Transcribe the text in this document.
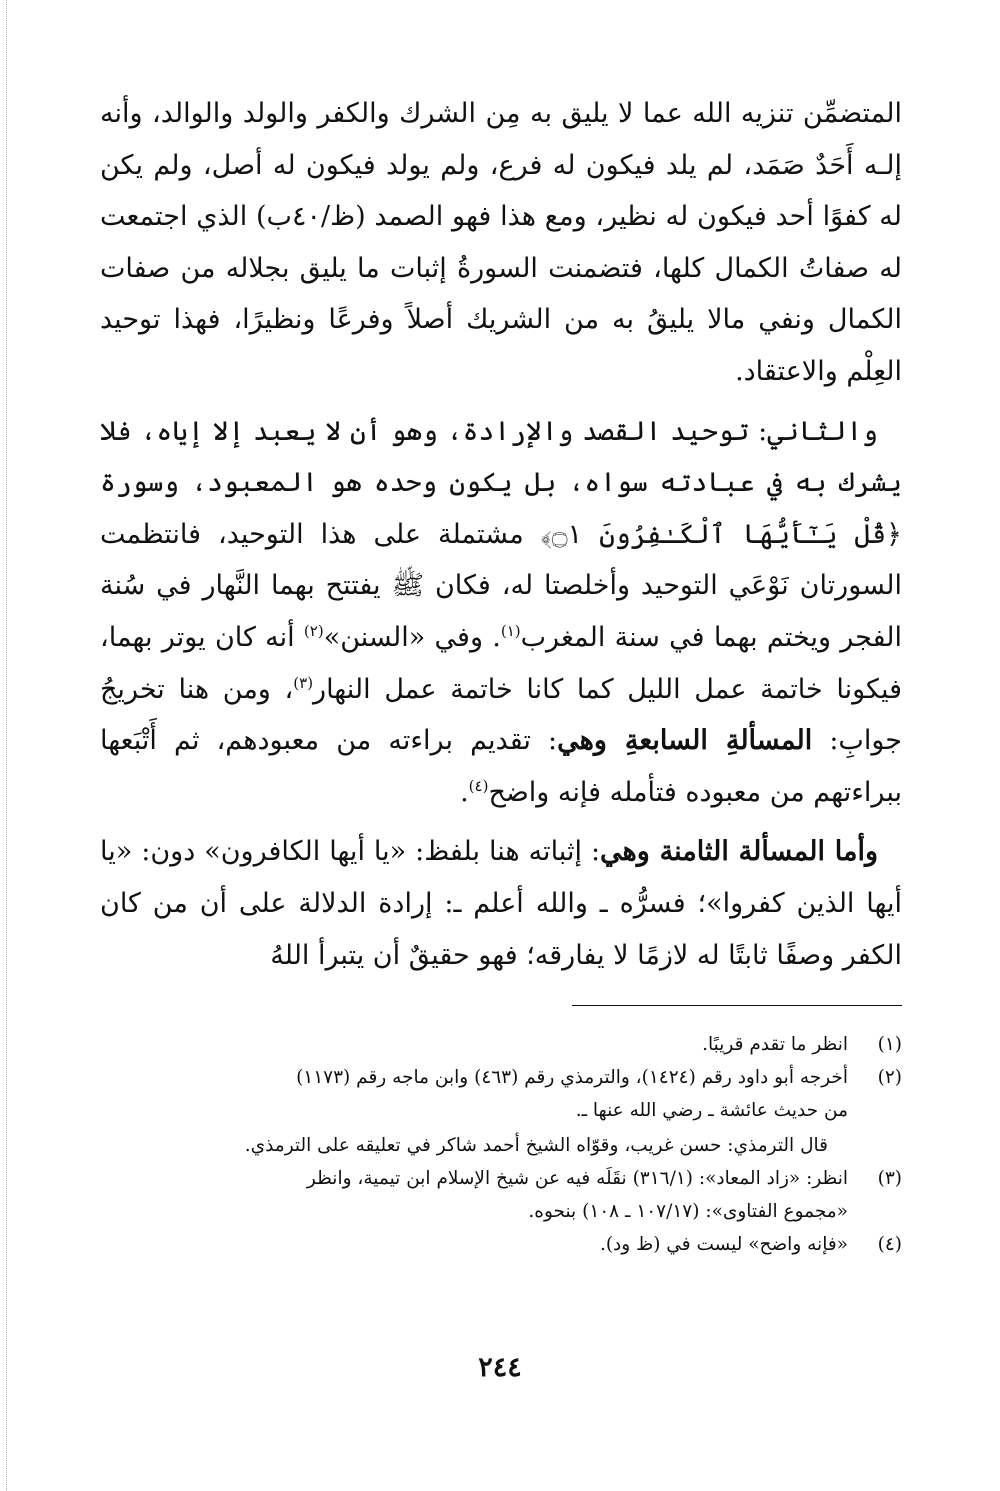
المتضمِّن تنزيه الله عما لا يليق به مِن الشرك والكفر والولد والوالد، وأنه إلـه أَحَدٌ صَمَد، لم يلد فيكون له فرع، ولم يولد فيكون له أصل، ولم يكن له كفوًا أحد فيكون له نظير، ومع هذا فهو الصمد (ظ/٤٠ب) الذي اجتمعت له صفاتُ الكمال كلها، فتضمنت السورةُ إثبات ما يليق بجلاله من صفات الكمال ونفي مالا يليقُ به من الشريك أصلاً وفرعًا ونظيرًا، فهذا توحيد العِلْم والاعتقاد.

والثاني: توحيد القصد والإرادة، وهو أن لا يعبد إلا إياه، فلا يشرك به في عبادته سواه، بل يكون وحده هو المعبود، وسورة ﴿قُلْ يَـٰٓأَيُّهَا ٱلْكَـٰفِرُونَ ۝١﴾ مشتملة على هذا التوحيد، فانتظمت السورتان نَوْعَي التوحيد وأخلصتا له، فكان ﷺ يفتتح بهما النَّهار في سُنة الفجر ويختم بهما في سنة المغرب$^{(١)}$. وفي «السنن»$^{(٢)}$ أنه كان يوتر بهما، فيكونا خاتمة عمل الليل كما كانا خاتمة عمل النهار$^{(٣)}$، ومن هنا تخريجُ جوابِ: المسألةِ السابعةِ وهي: تقديم براءته من معبودهم، ثم أَتْبَعها ببراءتهم من معبوده فتأمله فإنه واضح$^{(٤)}$.

وأما المسألة الثامنة وهي: إثباته هنا بلفظ: «يا أيها الكافرون» دون: «يا أيها الذين كفروا»؛ فسرُّه ـ والله أعلم ـ: إرادة الدلالة على أن من كان الكفر وصفًا ثابتًا له لازمًا لا يفارقه؛ فهو حقيقٌ أن يتبرأ اللهُ

(١)
انظر ما تقدم قريبًا.
(٢)
أخرجه أبو داود رقم (١٤٢٤)، والترمذي رقم (٤٦٣) وابن ماجه رقم (١١٧٣)
من حديث عائشة ـ رضي الله عنها ـ.
قال الترمذي: حسن غريب، وقوّاه الشيخ أحمد شاكر في تعليقه على الترمذي.
(٣)
انظر: «زاد المعاد»: (٣١٦/١) نقَلَه فيه عن شيخ الإسلام ابن تيمية، وانظر
«مجموع الفتاوى»: (١٠٧/١٧ ـ ١٠٨) بنحوه.
(٤)
«فإنه واضح» ليست في (ظ ود).
٢٤٤
